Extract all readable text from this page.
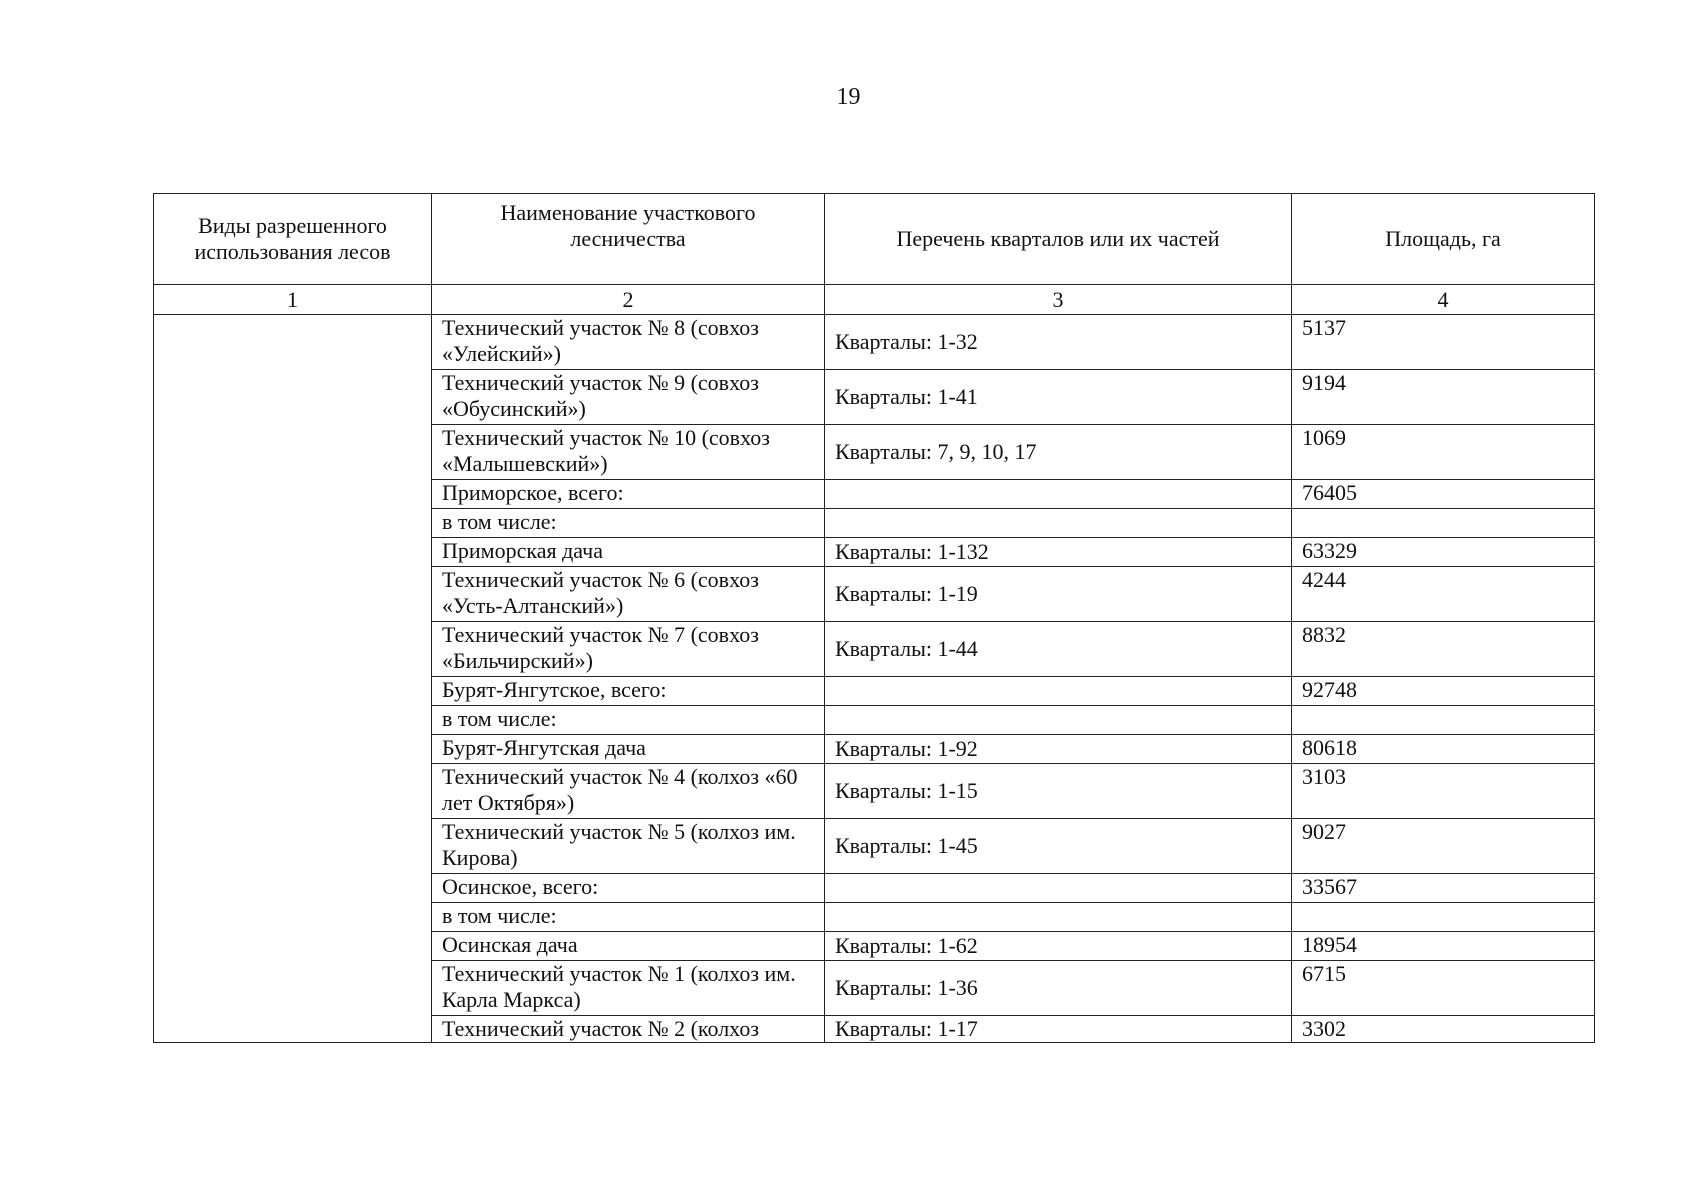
19
Виды разрешенного использования лесов	Наименование участкового лесничества	Перечень кварталов или их частей	Площадь, га
1	2	3	4
	Технический участок № 8 (совхоз «Улейский»)	Кварталы: 1-32	5137
	Технический участок № 9 (совхоз «Обусинский»)	Кварталы: 1-41	9194
	Технический участок № 10 (совхоз «Малышевский»)	Кварталы: 7, 9, 10, 17	1069
	Приморское, всего:		76405
	в том числе:		
	Приморская дача	Кварталы: 1-132	63329
	Технический участок № 6 (совхоз «Усть-Алтанский»)	Кварталы: 1-19	4244
	Технический участок № 7 (совхоз «Бильчирский»)	Кварталы: 1-44	8832
	Бурят-Янгутское, всего:		92748
	в том числе:		
	Бурят-Янгутская дача	Кварталы: 1-92	80618
	Технический участок № 4 (колхоз «60 лет Октября»)	Кварталы: 1-15	3103
	Технический участок № 5 (колхоз им. Кирова)	Кварталы: 1-45	9027
	Осинское, всего:		33567
	в том числе:		
	Осинская дача	Кварталы: 1-62	18954
	Технический участок № 1 (колхоз им. Карла Маркса)	Кварталы: 1-36	6715
	Технический участок № 2 (колхоз	Кварталы: 1-17	3302
